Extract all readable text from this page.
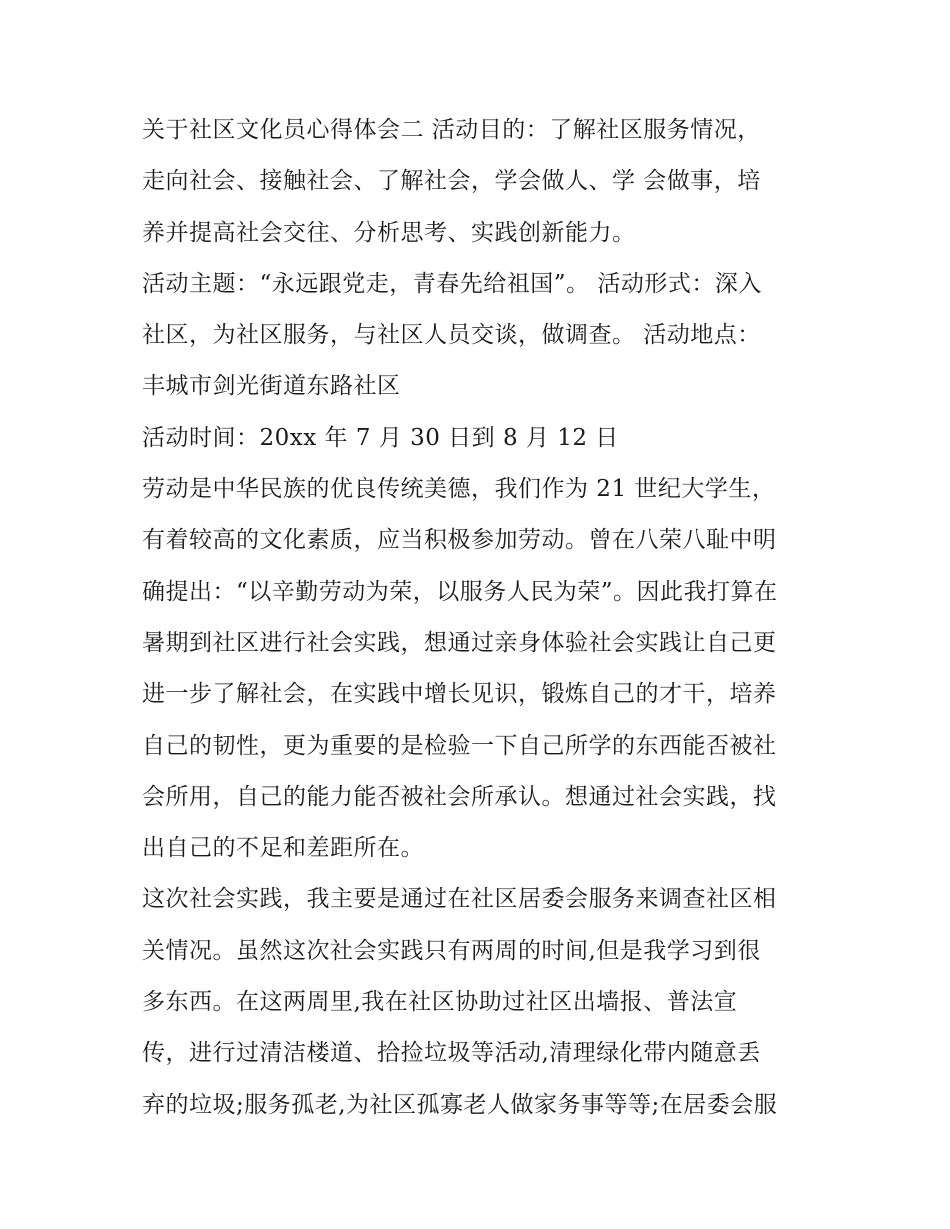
关于社区文化员心得体会二 活动目的：了解社区服务情况，
走向社会、接触社会、了解社会，学会做人、学 会做事，培
养并提高社会交往、分析思考、实践创新能力。
活动主题：“永远跟党走，青春先给祖国”。 活动形式：深入
社区，为社区服务，与社区人员交谈，做调查。 活动地点：
丰城市剑光街道东路社区
活动时间：20xx 年 7 月 30 日到 8 月 12 日
劳动是中华民族的优良传统美德，我们作为 21 世纪大学生，
有着较高的文化素质，应当积极参加劳动。曾在八荣八耻中明
确提出：“以辛勤劳动为荣，以服务人民为荣”。因此我打算在
暑期到社区进行社会实践，想通过亲身体验社会实践让自己更
进一步了解社会，在实践中增长见识，锻炼自己的才干，培养
自己的韧性，更为重要的是检验一下自己所学的东西能否被社
会所用，自己的能力能否被社会所承认。想通过社会实践，找
出自己的不足和差距所在。
这次社会实践，我主要是通过在社区居委会服务来调查社区相
关情况。虽然这次社会实践只有两周的时间,但是我学习到很
多东西。在这两周里,我在社区协助过社区出墙报、普法宣
传，进行过清洁楼道、拾捡垃圾等活动,清理绿化带内随意丢
弃的垃圾;服务孤老,为社区孤寡老人做家务事等等;在居委会服
